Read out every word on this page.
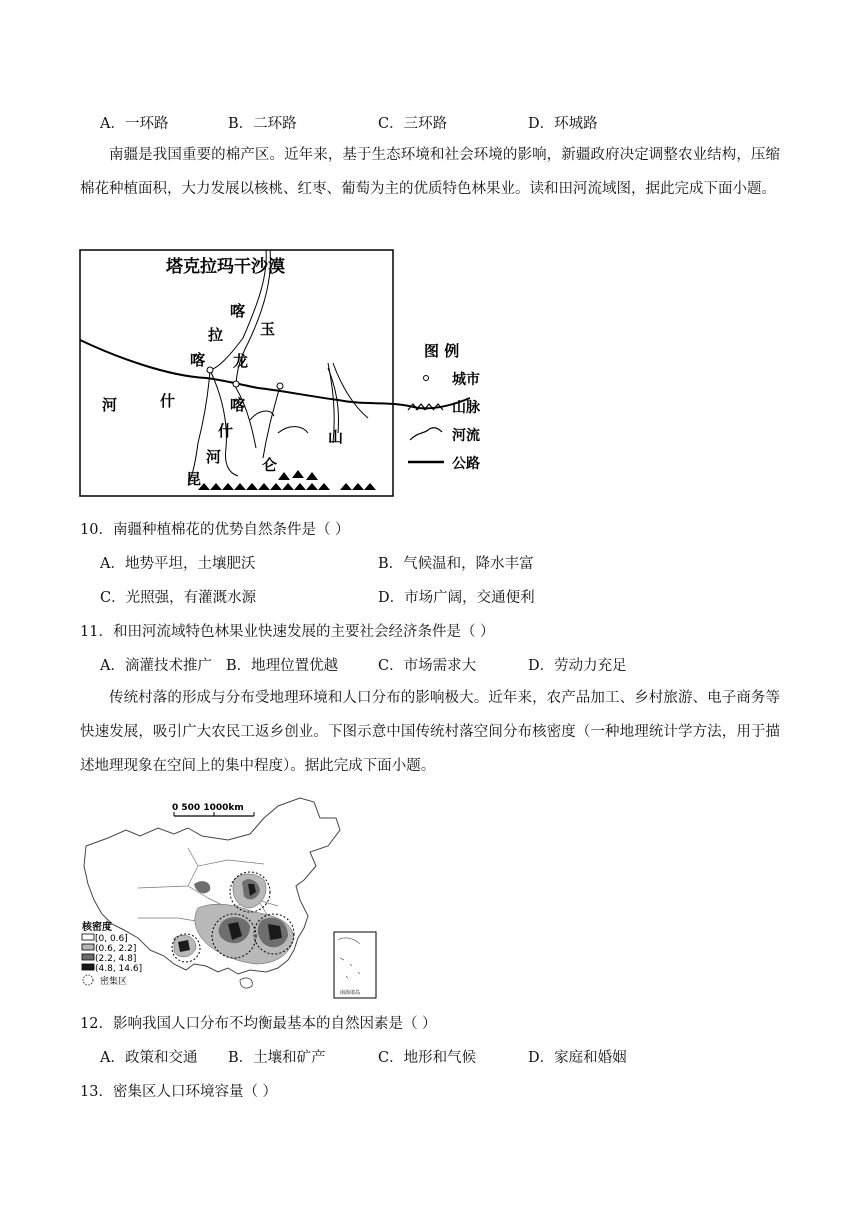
A．一环路	B．二环路	C．三环路	D．环城路
南疆是我国重要的棉产区。近年来，基于生态环境和社会环境的影响，新疆政府决定调整农业结构，压缩棉花种植面积，大力发展以核桃、红枣、葡萄为主的优质特色林果业。读和田河流域图，据此完成下面小题。
塔克拉玛干沙漠
喀
拉
喀
玉
龙
喀
什
河
什
河
昆
仑
山
图 例
城市
山脉
河流
公路
10．南疆种植棉花的优势自然条件是（ ）
A．地势平坦，土壤肥沃	B．气候温和，降水丰富
C．光照强，有灌溉水源	D．市场广阔，交通便利
11．和田河流域特色林果业快速发展的主要社会经济条件是（ ）
A．滴灌技术推广 B．地理位置优越	C．市场需求大	D．劳动力充足
传统村落的形成与分布受地理环境和人口分布的影响极大。近年来，农产品加工、乡村旅游、电子商务等快速发展，吸引广大农民工返乡创业。下图示意中国传统村落空间分布核密度（一种地理统计学方法，用于描述地理现象在空间上的集中程度）。据此完成下面小题。
0 500 1000km
南海诸岛
核密度
[0, 0.6]
(0.6, 2.2]
(2.2, 4.8]
(4.8, 14.6]
密集区
12．影响我国人口分布不均衡最基本的自然因素是（ ）
A．政策和交通 B．土壤和矿产	C．地形和气候	D．家庭和婚姻
13．密集区人口环境容量（ ）
